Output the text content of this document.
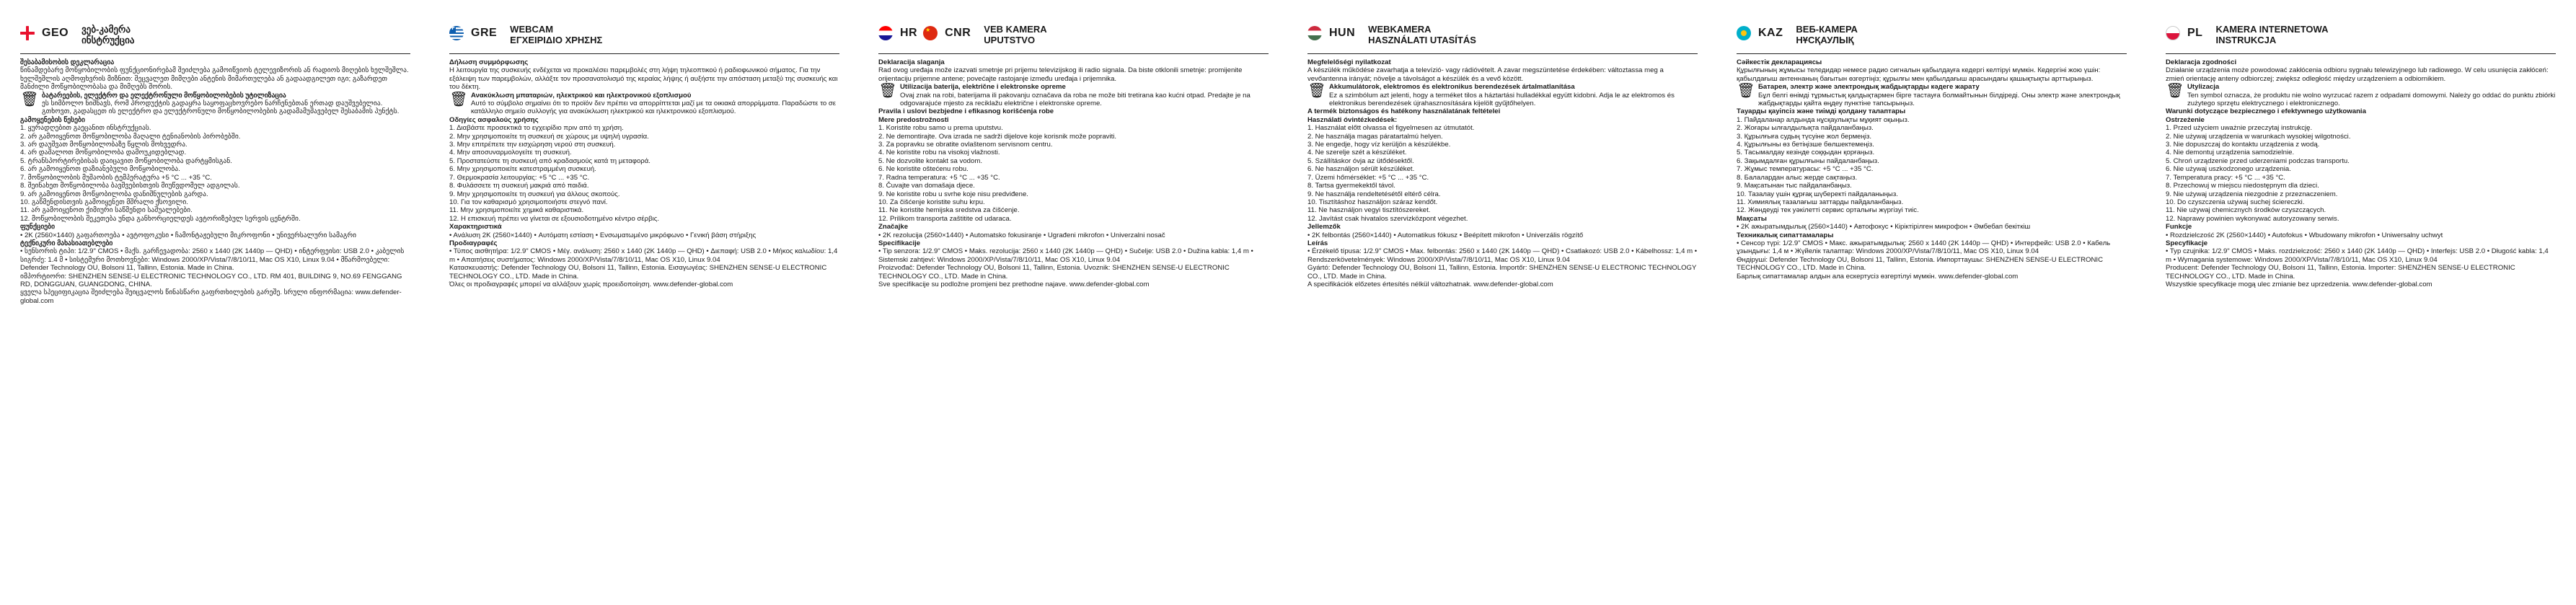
GEO ვებ-კამერა
ინსტრუქცია

შესაბამისობის დეკლარაცია

წინამდებარე მოწყობილობის ფუნქციონირებამ შეიძლება გამოიწვიოს ტელევიზორის ან რადიოს მიღების ხელშეშლა. ხელშეშლის აღმოფხვრის მიზნით: შეცვალეთ მიმღები ანტენის მიმართულება ან გადაადგილეთ იგი; გაზარდეთ მანძილი მოწყობილობასა და მიმღებს შორის.

🗑 ბატარეების, ელექტრო და ელექტრონული მოწყობილობების უტილიზაცია

ეს სიმბოლო ნიშნავს, რომ პროდუქტის გადაყრა საყოფაცხოვრებო ნარჩენებთან ერთად დაუშვებელია. გთხოვთ, გადასცეთ ის ელექტრო და ელექტრონული მოწყობილობების გადამამუშავებელ შესაბამის პუნქტს.

გამოყენების წესები

1. ყურადღებით გაეცანით ინსტრუქციას.

2. არ გამოიყენოთ მოწყობილობა მაღალი ტენიანობის პირობებში.

3. არ დაუშვათ მოწყობილობაზე წყლის მოხვედრა.

4. არ დაშალოთ მოწყობილობა დამოუკიდებლად.

5. ტრანსპორტირებისას დაიცავით მოწყობილობა დარტყმისგან.

6. არ გამოიყენოთ დაზიანებული მოწყობილობა.

7. მოწყობილობის მუშაობის ტემპერატურა +5 °C ... +35 °C.

8. შეინახეთ მოწყობილობა ბავშვებისთვის მიუწვდომელ ადგილას.

9. არ გამოიყენოთ მოწყობილობა დანიშნულების გარდა.

10. გაწმენდისთვის გამოიყენეთ მშრალი ქსოვილი.

11. არ გამოიყენოთ ქიმიური საწმენდი საშუალებები.

12. მოწყობილობის შეკეთება უნდა განხორციელდეს ავტორიზებულ სერვის ცენტრში.

ფუნქციები

• 2K (2560×1440) გაფართოება • ავტოფოკუსი • ჩამონტაჟებული მიკროფონი • უნივერსალური სამაგრი

ტექნიკური მახასიათებლები

• სენსორის ტიპი: 1/2.9" CMOS • მაქს. გარჩევადობა: 2560 x 1440 (2K 1440p — QHD) • ინტერფეისი: USB 2.0 • კაბელის სიგრძე: 1.4 მ • სისტემური მოთხოვნები: Windows 2000/XP/Vista/7/8/10/11, Mac OS X10, Linux 9.04 • მწარმოებელი: Defender Technology OU, Bolsoni 11, Tallinn, Estonia. Made in China.

იმპორტიორი: SHENZHEN SENSE-U ELECTRONIC TECHNOLOGY CO., LTD. RM 401, BUILDING 9, NO.69 FENGGANG RD, DONGGUAN, GUANGDONG, CHINA.

ყველა სპეციფიკაცია შეიძლება შეიცვალოს წინასწარი გაფრთხილების გარეშე. სრული ინფორმაცია: www.defender-global.com

+
GRE WEBCAM
ΕΓΧΕΙΡΙΔΙΟ ΧΡΗΣΗΣ

Δήλωση συμμόρφωσης

Η λειτουργία της συσκευής ενδέχεται να προκαλέσει παρεμβολές στη λήψη τηλεοπτικού ή ραδιοφωνικού σήματος. Για την εξάλειψη των παρεμβολών, αλλάξτε τον προσανατολισμό της κεραίας λήψης ή αυξήστε την απόσταση μεταξύ της συσκευής και του δέκτη.

🗑 Ανακύκλωση μπαταριών, ηλεκτρικού και ηλεκτρονικού εξοπλισμού

Αυτό το σύμβολο σημαίνει ότι το προϊόν δεν πρέπει να απορρίπτεται μαζί με τα οικιακά απορρίμματα. Παραδώστε το σε κατάλληλο σημείο συλλογής για ανακύκλωση ηλεκτρικού και ηλεκτρονικού εξοπλισμού.

Οδηγίες ασφαλούς χρήσης

1. Διαβάστε προσεκτικά το εγχειρίδιο πριν από τη χρήση.

2. Μην χρησιμοποιείτε τη συσκευή σε χώρους με υψηλή υγρασία.

3. Μην επιτρέπετε την εισχώρηση νερού στη συσκευή.

4. Μην αποσυναρμολογείτε τη συσκευή.

5. Προστατεύστε τη συσκευή από κραδασμούς κατά τη μεταφορά.

6. Μην χρησιμοποιείτε κατεστραμμένη συσκευή.

7. Θερμοκρασία λειτουργίας: +5 °C ... +35 °C.

8. Φυλάσσετε τη συσκευή μακριά από παιδιά.

9. Μην χρησιμοποιείτε τη συσκευή για άλλους σκοπούς.

10. Για τον καθαρισμό χρησιμοποιήστε στεγνό πανί.

11. Μην χρησιμοποιείτε χημικά καθαριστικά.

12. Η επισκευή πρέπει να γίνεται σε εξουσιοδοτημένο κέντρο σέρβις.

Χαρακτηριστικά

• Ανάλυση 2K (2560×1440) • Αυτόματη εστίαση • Ενσωματωμένο μικρόφωνο • Γενική βάση στήριξης

Προδιαγραφές

• Τύπος αισθητήρα: 1/2.9" CMOS • Μέγ. ανάλυση: 2560 x 1440 (2K 1440p — QHD) • Διεπαφή: USB 2.0 • Μήκος καλωδίου: 1,4 m • Απαιτήσεις συστήματος: Windows 2000/XP/Vista/7/8/10/11, Mac OS X10, Linux 9.04

Κατασκευαστής: Defender Technology OU, Bolsoni 11, Tallinn, Estonia. Εισαγωγέας: SHENZHEN SENSE-U ELECTRONIC TECHNOLOGY CO., LTD. Made in China.

Όλες οι προδιαγραφές μπορεί να αλλάξουν χωρίς προειδοποίηση. www.defender-global.com

HR
★ CNR VEB KAMERA
UPUTSTVO

Deklaracija slaganja

Rad ovog uređaja može izazvati smetnje pri prijemu televizijskog ili radio signala. Da biste otklonili smetnje: promijenite orijentaciju prijemne antene; povećajte rastojanje između uređaja i prijemnika.

🗑 Utilizacija baterija, električne i elektronske opreme

Ovaj znak na robi, baterijama ili pakovanju označava da roba ne može biti tretirana kao kućni otpad. Predajte je na odgovarajuće mjesto za reciklažu električne i elektronske opreme.

Pravila i uslovi bezbjedne i efikasnog korišćenja robe

Mere predostrožnosti

1. Koristite robu samo u prema uputstvu.

2. Ne demontirajte. Ova izrada ne sadrži dijelove koje korisnik može popraviti.

3. Za popravku se obratite ovlaštenom servisnom centru.

4. Ne koristite robu na visokoj vlažnosti.

5. Ne dozvolite kontakt sa vodom.

6. Ne koristite oštećenu robu.

7. Radna temperatura: +5 °C ... +35 °C.

8. Čuvajte van domašaja djece.

9. Ne koristite robu u svrhe koje nisu predviđene.

10. Za čišćenje koristite suhu krpu.

11. Ne koristite hemijska sredstva za čišćenje.

12. Prilikom transporta zaštitite od udaraca.

Značajke

• 2K rezolucija (2560×1440) • Automatsko fokusiranje • Ugrađeni mikrofon • Univerzalni nosač

Specifikacije

• Tip senzora: 1/2.9" CMOS • Maks. rezolucija: 2560 x 1440 (2K 1440p — QHD) • Sučelje: USB 2.0 • Dužina kabla: 1,4 m • Sistemski zahtjevi: Windows 2000/XP/Vista/7/8/10/11, Mac OS X10, Linux 9.04

Proizvođač: Defender Technology OU, Bolsoni 11, Tallinn, Estonia. Uvoznik: SHENZHEN SENSE-U ELECTRONIC TECHNOLOGY CO., LTD. Made in China.

Sve specifikacije su podložne promjeni bez prethodne najave. www.defender-global.com

HUN WEBKAMERA
HASZNÁLATI UTASÍTÁS

Megfelelőségi nyilatkozat

A készülék működése zavarhatja a televízió- vagy rádióvételt. A zavar megszüntetése érdekében: változtassa meg a vevőantenna irányát; növelje a távolságot a készülék és a vevő között.

🗑 Akkumulátorok, elektromos és elektronikus berendezések ártalmatlanítása

Ez a szimbólum azt jelenti, hogy a terméket tilos a háztartási hulladékkal együtt kidobni. Adja le az elektromos és elektronikus berendezések újrahasznosítására kijelölt gyűjtőhelyen.

A termék biztonságos és hatékony használatának feltételei

Használati óvintézkedések:

1. Használat előtt olvassa el figyelmesen az útmutatót.

2. Ne használja magas páratartalmú helyen.

3. Ne engedje, hogy víz kerüljön a készülékbe.

4. Ne szerelje szét a készüléket.

5. Szállításkor óvja az ütődésektől.

6. Ne használjon sérült készüléket.

7. Üzemi hőmérséklet: +5 °C ... +35 °C.

8. Tartsa gyermekektől távol.

9. Ne használja rendeltetésétől eltérő célra.

10. Tisztításhoz használjon száraz kendőt.

11. Ne használjon vegyi tisztítószereket.

12. Javítást csak hivatalos szervizközpont végezhet.

Jellemzők

• 2K felbontás (2560×1440) • Automatikus fókusz • Beépített mikrofon • Univerzális rögzítő

Leírás

• Érzékelő típusa: 1/2.9" CMOS • Max. felbontás: 2560 x 1440 (2K 1440p — QHD) • Csatlakozó: USB 2.0 • Kábelhossz: 1,4 m • Rendszerkövetelmények: Windows 2000/XP/Vista/7/8/10/11, Mac OS X10, Linux 9.04

Gyártó: Defender Technology OU, Bolsoni 11, Tallinn, Estonia. Importőr: SHENZHEN SENSE-U ELECTRONIC TECHNOLOGY CO., LTD. Made in China.

A specifikációk előzetes értesítés nélkül változhatnak. www.defender-global.com

KAZ ВЕБ-КАМЕРА
НҰСҚАУЛЫҚ

Сәйкестік декларациясы

Құрылғының жұмысы теледидар немесе радио сигналын қабылдауға кедергі келтіруі мүмкін. Кедергіні жою үшін: қабылдағыш антеннаның бағытын өзгертіңіз; құрылғы мен қабылдағыш арасындағы қашықтықты арттырыңыз.

🗑 Батарея, электр және электрондық жабдықтарды кәдеге жарату

Бұл белгі өнімді тұрмыстық қалдықтармен бірге тастауға болмайтынын білдіреді. Оны электр және электрондық жабдықтарды қайта өңдеу пунктіне тапсырыңыз.

Тауарды қауіпсіз және тиімді қолдану талаптары

1. Пайдаланар алдында нұсқаулықты мұқият оқыңыз.

2. Жоғары ылғалдылықта пайдаланбаңыз.

3. Құрылғыға судың түсуіне жол бермеңіз.

4. Құрылғыны өз бетіңізше бөлшектемеңіз.

5. Тасымалдау кезінде соққыдан қорғаңыз.

6. Зақымдалған құрылғыны пайдаланбаңыз.

7. Жұмыс температурасы: +5 °C ... +35 °C.

8. Балалардан алыс жерде сақтаңыз.

9. Мақсатынан тыс пайдаланбаңыз.

10. Тазалау үшін құрғақ шүберекті пайдаланыңыз.

11. Химиялық тазалағыш заттарды пайдаланбаңыз.

12. Жөндеуді тек уәкілетті сервис орталығы жүргізуі тиіс.

Мақсаты

• 2K ажыратымдылық (2560×1440) • Автофокус • Кіріктірілген микрофон • Әмбебап бекіткіш

Техникалық сипаттамалары

• Сенсор түрі: 1/2.9" CMOS • Макс. ажыратымдылық: 2560 x 1440 (2K 1440p — QHD) • Интерфейс: USB 2.0 • Кабель ұзындығы: 1,4 м • Жүйелік талаптар: Windows 2000/XP/Vista/7/8/10/11, Mac OS X10, Linux 9.04

Өндіруші: Defender Technology OU, Bolsoni 11, Tallinn, Estonia. Импорттаушы: SHENZHEN SENSE-U ELECTRONIC TECHNOLOGY CO., LTD. Made in China.

Барлық сипаттамалар алдын ала ескертусіз өзгертілуі мүмкін. www.defender-global.com

PL KAMERA INTERNETOWA
INSTRUKCJA

Deklaracja zgodności

Działanie urządzenia może powodować zakłócenia odbioru sygnału telewizyjnego lub radiowego. W celu usunięcia zakłóceń: zmień orientację anteny odbiorczej; zwiększ odległość między urządzeniem a odbiornikiem.

🗑 Utylizacja

Ten symbol oznacza, że produktu nie wolno wyrzucać razem z odpadami domowymi. Należy go oddać do punktu zbiórki zużytego sprzętu elektrycznego i elektronicznego.

Warunki dotyczące bezpiecznego i efektywnego użytkowania

Ostrzeżenie

1. Przed użyciem uważnie przeczytaj instrukcję.

2. Nie używaj urządzenia w warunkach wysokiej wilgotności.

3. Nie dopuszczaj do kontaktu urządzenia z wodą.

4. Nie demontuj urządzenia samodzielnie.

5. Chroń urządzenie przed uderzeniami podczas transportu.

6. Nie używaj uszkodzonego urządzenia.

7. Temperatura pracy: +5 °C ... +35 °C.

8. Przechowuj w miejscu niedostępnym dla dzieci.

9. Nie używaj urządzenia niezgodnie z przeznaczeniem.

10. Do czyszczenia używaj suchej ściereczki.

11. Nie używaj chemicznych środków czyszczących.

12. Naprawy powinien wykonywać autoryzowany serwis.

Funkcje

• Rozdzielczość 2K (2560×1440) • Autofokus • Wbudowany mikrofon • Uniwersalny uchwyt

Specyfikacje

• Typ czujnika: 1/2.9" CMOS • Maks. rozdzielczość: 2560 x 1440 (2K 1440p — QHD) • Interfejs: USB 2.0 • Długość kabla: 1,4 m • Wymagania systemowe: Windows 2000/XP/Vista/7/8/10/11, Mac OS X10, Linux 9.04

Producent: Defender Technology OU, Bolsoni 11, Tallinn, Estonia. Importer: SHENZHEN SENSE-U ELECTRONIC TECHNOLOGY CO., LTD. Made in China.

Wszystkie specyfikacje mogą ulec zmianie bez uprzedzenia. www.defender-global.com
